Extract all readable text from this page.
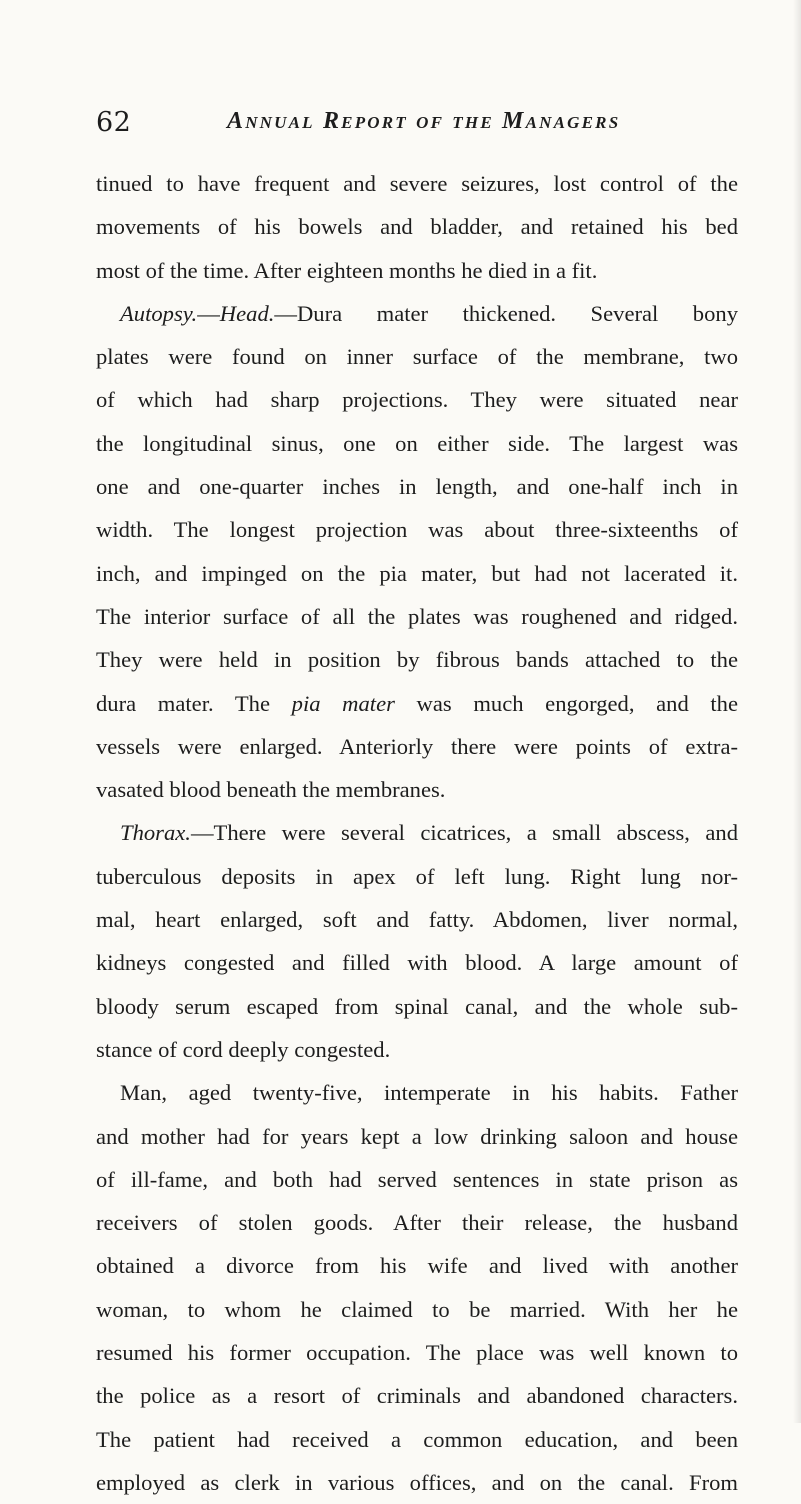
62	Annual Report of the Managers
tinued to have frequent and severe seizures, lost control of the
movements of his bowels and bladder, and retained his bed
most of the time. After eighteen months he died in a fit.
Autopsy.—Head.—Dura mater thickened. Several bony
plates were found on inner surface of the membrane, two
of which had sharp projections. They were situated near
the longitudinal sinus, one on either side. The largest was
one and one-quarter inches in length, and one-half inch in
width. The longest projection was about three-sixteenths of
inch, and impinged on the pia mater, but had not lacerated it.
The interior surface of all the plates was roughened and ridged.
They were held in position by fibrous bands attached to the
dura mater. The pia mater was much engorged, and the
vessels were enlarged. Anteriorly there were points of extra-
vasated blood beneath the membranes.
Thorax.—There were several cicatrices, a small abscess, and
tuberculous deposits in apex of left lung. Right lung nor-
mal, heart enlarged, soft and fatty. Abdomen, liver normal,
kidneys congested and filled with blood. A large amount of
bloody serum escaped from spinal canal, and the whole sub-
stance of cord deeply congested.
Man, aged twenty-five, intemperate in his habits. Father
and mother had for years kept a low drinking saloon and house
of ill-fame, and both had served sentences in state prison as
receivers of stolen goods. After their release, the husband
obtained a divorce from his wife and lived with another
woman, to whom he claimed to be married. With her he
resumed his former occupation. The place was well known to
the police as a resort of criminals and abandoned characters.
The patient had received a common education, and been
employed as clerk in various offices, and on the canal. From
